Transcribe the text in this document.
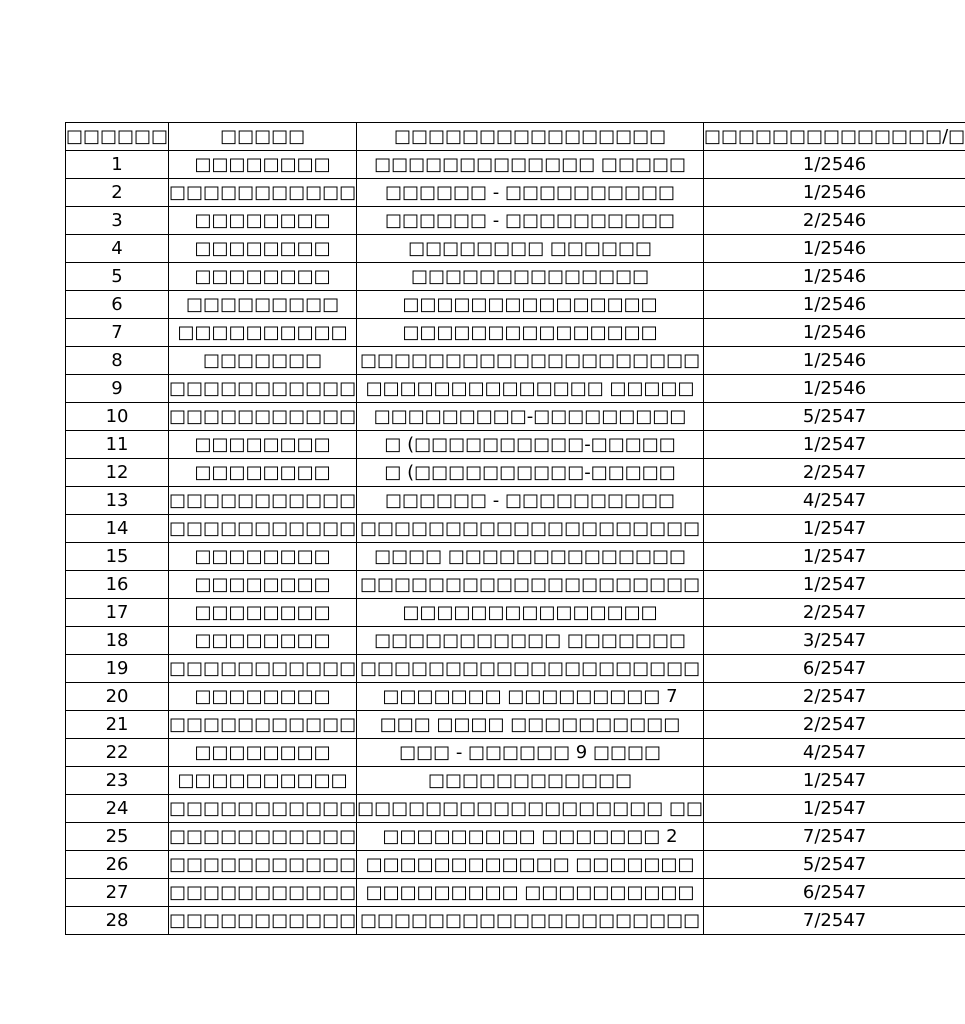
□□□□□□	□□□□□	□□□□□□□□□□□□□□□□	□□□□□□□□□□□□□□/□
1	□□□□□□□□	□□□□□□□□□□□□□ □□□□□	1/2546
2	□□□□□□□□□□□	□□□□□□ - □□□□□□□□□□	1/2546
3	□□□□□□□□	□□□□□□ - □□□□□□□□□□	2/2546
4	□□□□□□□□	□□□□□□□□ □□□□□□	1/2546
5	□□□□□□□□	□□□□□□□□□□□□□□	1/2546
6	□□□□□□□□□	□□□□□□□□□□□□□□□	1/2546
7	□□□□□□□□□□	□□□□□□□□□□□□□□□	1/2546
8	□□□□□□□	□□□□□□□□□□□□□□□□□□□□	1/2546
9	□□□□□□□□□□□	□□□□□□□□□□□□□□ □□□□□	1/2546
10	□□□□□□□□□□□	□□□□□□□□□-□□□□□□□□□	5/2547
11	□□□□□□□□	□ (□□□□□□□□□□-□□□□□	1/2547
12	□□□□□□□□	□ (□□□□□□□□□□-□□□□□	2/2547
13	□□□□□□□□□□□	□□□□□□ - □□□□□□□□□□	4/2547
14	□□□□□□□□□□□	□□□□□□□□□□□□□□□□□□□□	1/2547
15	□□□□□□□□	□□□□ □□□□□□□□□□□□□□	1/2547
16	□□□□□□□□	□□□□□□□□□□□□□□□□□□□□	1/2547
17	□□□□□□□□	□□□□□□□□□□□□□□□	2/2547
18	□□□□□□□□	□□□□□□□□□□□ □□□□□□□	3/2547
19	□□□□□□□□□□□	□□□□□□□□□□□□□□□□□□□□	6/2547
20	□□□□□□□□	□□□□□□□ □□□□□□□□□ 7	2/2547
21	□□□□□□□□□□□	□□□ □□□□ □□□□□□□□□□	2/2547
22	□□□□□□□□	□□□ - □□□□□□ 9 □□□□	4/2547
23	□□□□□□□□□□	□□□□□□□□□□□□	1/2547
24	□□□□□□□□□□□	□□□□□□□□□□□□□□□□□□ □□	1/2547
25	□□□□□□□□□□□	□□□□□□□□□ □□□□□□□ 2	7/2547
26	□□□□□□□□□□□	□□□□□□□□□□□□ □□□□□□□	5/2547
27	□□□□□□□□□□□	□□□□□□□□□ □□□□□□□□□□	6/2547
28	□□□□□□□□□□□	□□□□□□□□□□□□□□□□□□□□	7/2547
